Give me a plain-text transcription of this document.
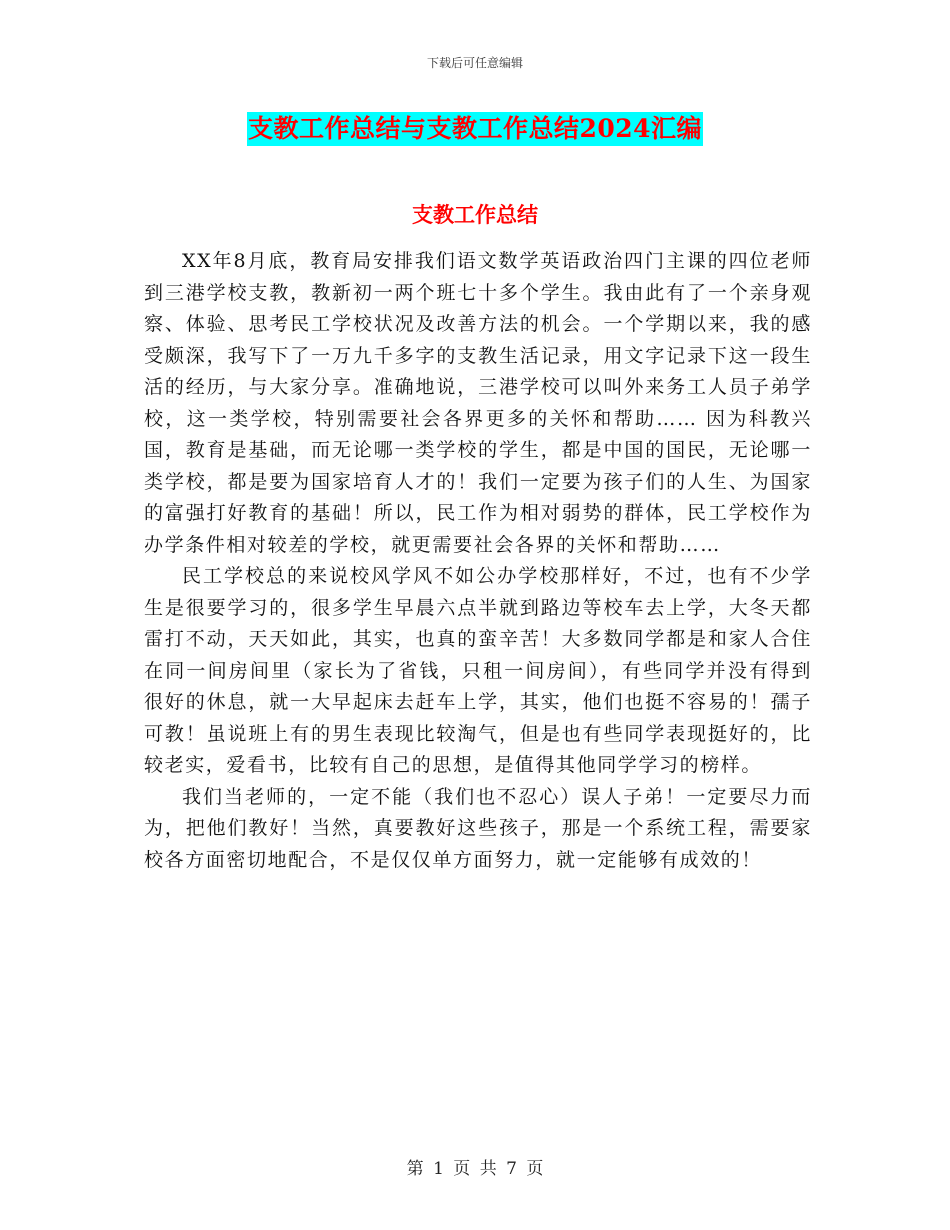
下载后可任意编辑
支教工作总结与支教工作总结2024汇编
支教工作总结

XX年8月底，教育局安排我们语文数学英语政治四门主课的四位老师到三港学校支教，教新初一两个班七十多个学生。我由此有了一个亲身观察、体验、思考民工学校状况及改善方法的机会。一个学期以来，我的感受颇深，我写下了一万九千多字的支教生活记录，用文字记录下这一段生活的经历，与大家分享。准确地说，三港学校可以叫外来务工人员子弟学校，这一类学校，特别需要社会各界更多的关怀和帮助…… 因为科教兴国，教育是基础，而无论哪一类学校的学生，都是中国的国民，无论哪一类学校，都是要为国家培育人才的！我们一定要为孩子们的人生、为国家的富强打好教育的基础！所以，民工作为相对弱势的群体，民工学校作为办学条件相对较差的学校，就更需要社会各界的关怀和帮助……

民工学校总的来说校风学风不如公办学校那样好，不过，也有不少学生是很要学习的，很多学生早晨六点半就到路边等校车去上学，大冬天都雷打不动，天天如此，其实，也真的蛮辛苦！大多数同学都是和家人合住在同一间房间里（家长为了省钱，只租一间房间），有些同学并没有得到很好的休息，就一大早起床去赶车上学，其实，他们也挺不容易的！孺子可教！虽说班上有的男生表现比较淘气，但是也有些同学表现挺好的，比较老实，爱看书，比较有自己的思想，是值得其他同学学习的榜样。

我们当老师的，一定不能（我们也不忍心）误人子弟！一定要尽力而为，把他们教好！当然，真要教好这些孩子，那是一个系统工程，需要家校各方面密切地配合，不是仅仅单方面努力，就一定能够有成效的！

第 1 页 共 7 页
